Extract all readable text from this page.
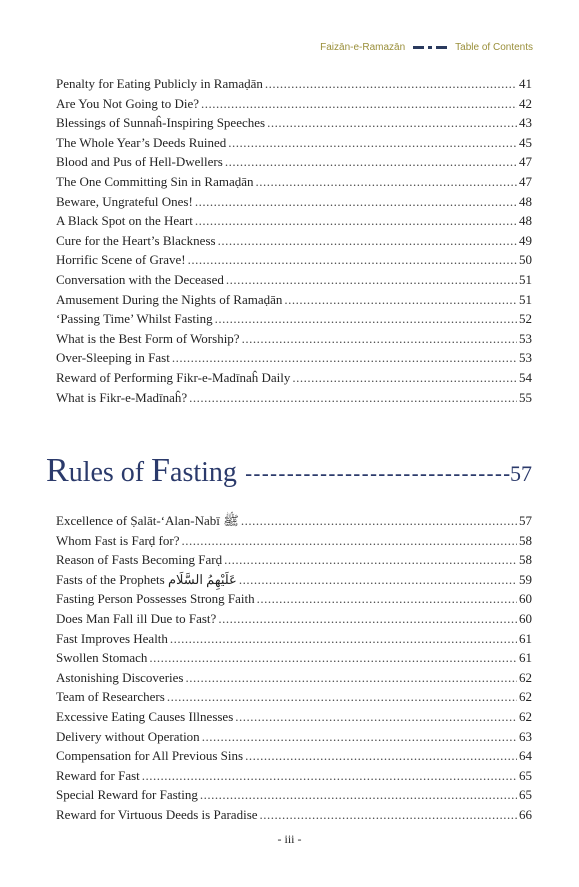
Faizān-e-Ramazān	Table of Contents
Penalty for Eating Publicly in Ramaḍān .....	41
Are You Not Going to Die? .....	42
Blessings of Sunnaĥ-Inspiring Speeches .....	43
The Whole Year’s Deeds Ruined .....	45
Blood and Pus of Hell-Dwellers .....	47
The One Committing Sin in Ramaḍān .....	47
Beware, Ungrateful Ones! .....	48
A Black Spot on the Heart .....	48
Cure for the Heart’s Blackness .....	49
Horrific Scene of Grave! .....	50
Conversation with the Deceased .....	51
Amusement During the Nights of Ramaḍān .....	51
‘Passing Time’ Whilst Fasting .....	52
What is the Best Form of Worship? .....	53
Over-Sleeping in Fast .....	53
Reward of Performing Fikr-e-Madīnaĥ Daily .....	54
What is Fikr-e-Madīnaĥ? .....	55
Rules of Fasting -----	57
Excellence of Ṣalāt-‘Alan-Nabī ﷺ .....	57
Whom Fast is Farḍ for? .....	58
Reason of Fasts Becoming Farḍ .....	58
Fasts of the Prophets عَلَيْهِمُ السَّلَام .....	59
Fasting Person Possesses Strong Faith .....	60
Does Man Fall ill Due to Fast? .....	60
Fast Improves Health .....	61
Swollen Stomach .....	61
Astonishing Discoveries .....	62
Team of Researchers .....	62
Excessive Eating Causes Illnesses .....	62
Delivery without Operation .....	63
Compensation for All Previous Sins .....	64
Reward for Fast .....	65
Special Reward for Fasting .....	65
Reward for Virtuous Deeds is Paradise .....	66
- iii -
